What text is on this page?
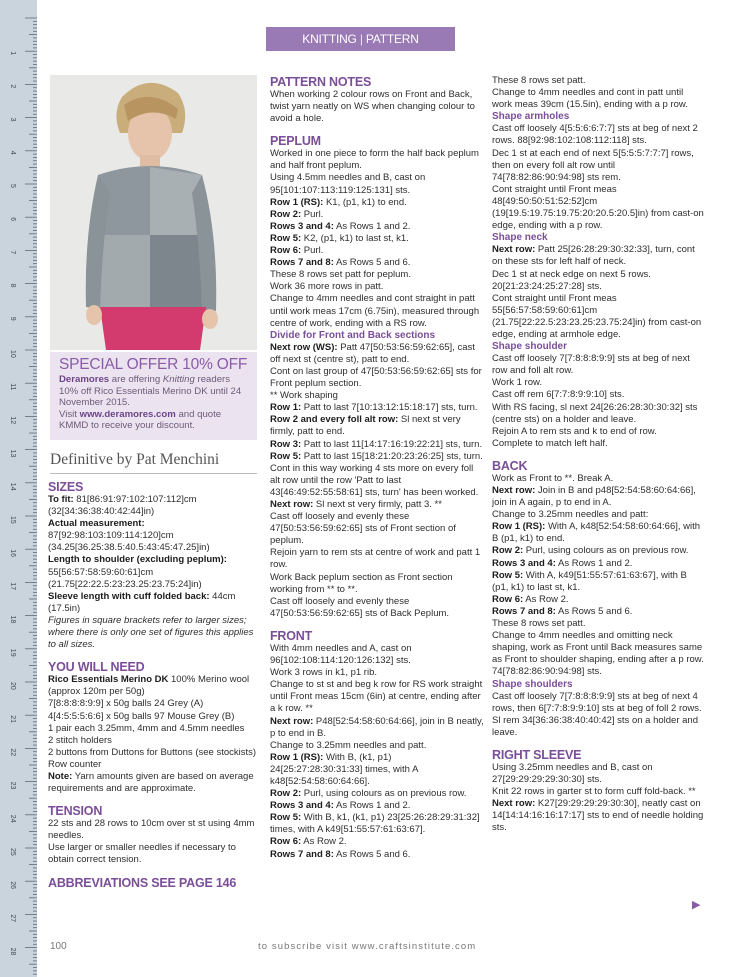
1
2
3
4
5
6
7
8
9
10
11
12
13
14
15
16
17
18
19
20
21
22
23
24
25
26
27
28
KNITTING | PATTERN INSTRUCTIONS
SPECIAL OFFER 10% OFF

Deramores are offering Knitting readers 10% off Rico Essentials Merino DK until 24 November 2015.

Visit www.deramores.com and quote KMMD to receive your discount.

Definitive by Pat Menchini
SIZES
To fit: 81[86:91:97:102:107:112]cm (32[34:36:38:40:42:44]in)
Actual measurement:
87[92:98:103:109:114:120]cm (34.25[36.25:38.5:40.5:43:45:47.25]in)
Length to shoulder (excluding peplum):
55[56:57:58:59:60:61]cm (21.75[22:22.5:23:23.25:23.75:24]in)
Sleeve length with cuff folded back: 44cm (17.5in)
Figures in square brackets refer to larger sizes; where there is only one set of figures this applies to all sizes.
YOU WILL NEED
Rico Essentials Merino DK 100% Merino wool (approx 120m per 50g)
7[8:8:8:8:9:9] x 50g balls 24 Grey (A)
4[4:5:5:5:6:6] x 50g balls 97 Mouse Grey (B)
1 pair each 3.25mm, 4mm and 4.5mm needles
2 stitch holders
2 buttons from Duttons for Buttons (see stockists)
Row counter
Note: Yarn amounts given are based on average requirements and are approximate.
TENSION
22 sts and 28 rows to 10cm over st st using 4mm needles.
Use larger or smaller needles if necessary to obtain correct tension.
ABBREVIATIONS SEE PAGE 146
PATTERN NOTES
When working 2 colour rows on Front and Back, twist yarn neatly on WS when changing colour to avoid a hole.
PEPLUM
Worked in one piece to form the half back peplum and half front peplum.
Using 4.5mm needles and B, cast on 95[101:107:113:119:125:131] sts.
Row 1 (RS): K1, (p1, k1) to end.
Row 2: Purl.
Rows 3 and 4: As Rows 1 and 2.
Row 5: K2, (p1, k1) to last st, k1.
Row 6: Purl.
Rows 7 and 8: As Rows 5 and 6.
These 8 rows set patt for peplum.
Work 36 more rows in patt.
Change to 4mm needles and cont straight in patt until work meas 17cm (6.75in), measured through centre of work, ending with a RS row.
Divide for Front and Back sections
Next row (WS): Patt 47[50:53:56:59:62:65], cast off next st (centre st), patt to end.
Cont on last group of 47[50:53:56:59:62:65] sts for Front peplum section.
** Work shaping
Row 1: Patt to last 7[10:13:12:15:18:17] sts, turn.
Row 2 and every foll alt row: Sl next st very firmly, patt to end.
Row 3: Patt to last 11[14:17:16:19:22:21] sts, turn.
Row 5: Patt to last 15[18:21:20:23:26:25] sts, turn.
Cont in this way working 4 sts more on every foll alt row until the row 'Patt to last 43[46:49:52:55:58:61] sts, turn' has been worked.
Next row: Sl next st very firmly, patt 3. **
Cast off loosely and evenly these 47[50:53:56:59:62:65] sts of Front section of peplum.
Rejoin yarn to rem sts at centre of work and patt 1 row.
Work Back peplum section as Front section working from ** to **.
Cast off loosely and evenly these 47[50:53:56:59:62:65] sts of Back Peplum.
FRONT
With 4mm needles and A, cast on 96[102:108:114:120:126:132] sts.
Work 3 rows in k1, p1 rib.
Change to st st and beg k row for RS work straight until Front meas 15cm (6in) at centre, ending after a k row. **
Next row: P48[52:54:58:60:64:66], join in B neatly, p to end in B.
Change to 3.25mm needles and patt.
Row 1 (RS): With B, (k1, p1) 24[25:27:28:30:31:33] times, with A k48[52:54:58:60:64:66].
Row 2: Purl, using colours as on previous row.
Rows 3 and 4: As Rows 1 and 2.
Row 5: With B, k1, (k1, p1) 23[25:26:28:29:31:32] times, with A k49[51:55:57:61:63:67].
Row 6: As Row 2.
Rows 7 and 8: As Rows 5 and 6.
These 8 rows set patt.
Change to 4mm needles and cont in patt until work meas 39cm (15.5in), ending with a p row.
Shape armholes
Cast off loosely 4[5:5:6:6:7:7] sts at beg of next 2 rows. 88[92:98:102:108:112:118] sts.
Dec 1 st at each end of next 5[5:5:5:7:7:7] rows, then on every foll alt row until 74[78:82:86:90:94:98] sts rem.
Cont straight until Front meas 48[49:50:50:51:52:52]cm (19[19.5:19.75:19.75:20:20.5:20.5]in) from cast-on edge, ending with a p row.
Shape neck
Next row: Patt 25[26:28:29:30:32:33], turn, cont on these sts for left half of neck.
Dec 1 st at neck edge on next 5 rows. 20[21:23:24:25:27:28] sts.
Cont straight until Front meas 55[56:57:58:59:60:61]cm (21.75[22:22.5:23:23.25:23.75:24]in) from cast-on edge, ending at armhole edge.
Shape shoulder
Cast off loosely 7[7:8:8:8:9:9] sts at beg of next row and foll alt row.
Work 1 row.
Cast off rem 6[7:7:8:9:9:10] sts.
With RS facing, sl next 24[26:26:28:30:30:32] sts (centre sts) on a holder and leave.
Rejoin A to rem sts and k to end of row.
Complete to match left half.
BACK
Work as Front to **. Break A.
Next row: Join in B and p48[52:54:58:60:64:66], join in A again, p to end in A.
Change to 3.25mm needles and patt:
Row 1 (RS): With A, k48[52:54:58:60:64:66], with B (p1, k1) to end.
Row 2: Purl, using colours as on previous row.
Rows 3 and 4: As Rows 1 and 2.
Row 5: With A, k49[51:55:57:61:63:67], with B (p1, k1) to last st, k1.
Row 6: As Row 2.
Rows 7 and 8: As Rows 5 and 6.
These 8 rows set patt.
Change to 4mm needles and omitting neck shaping, work as Front until Back measures same as Front to shoulder shaping, ending after a p row. 74[78:82:86:90:94:98] sts.
Shape shoulders
Cast off loosely 7[7:8:8:8:9:9] sts at beg of next 4 rows, then 6[7:7:8:9:9:10] sts at beg of foll 2 rows.
Sl rem 34[36:36:38:40:40:42] sts on a holder and leave.
RIGHT SLEEVE
Using 3.25mm needles and B, cast on 27[29:29:29:29:30:30] sts.
Knit 22 rows in garter st to form cuff fold-back. **
Next row: K27[29:29:29:29:30:30], neatly cast on 14[14:14:16:16:17:17] sts to end of needle holding sts.
▶
100	to subscribe visit www.craftsinstitute.com
